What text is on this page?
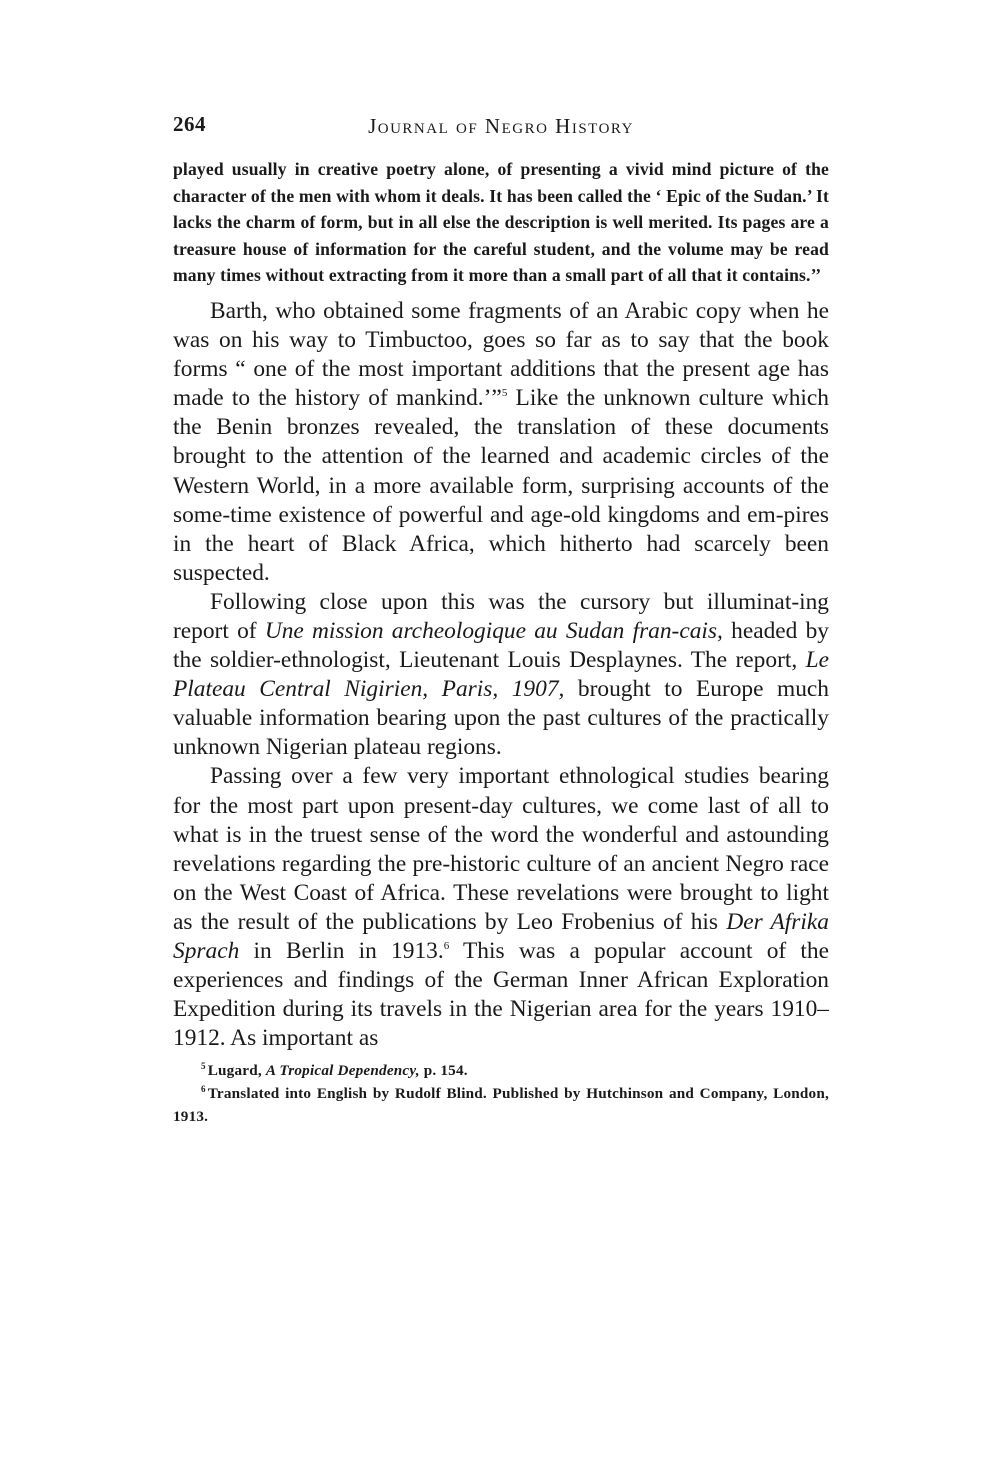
264	Journal of Negro History

played usually in creative poetry alone, of presenting a vivid mind picture of the character of the men with whom it deals. It has been called the ‘ Epic of the Sudan.’ It lacks the charm of form, but in all else the description is well merited. Its pages are a treasure house of information for the careful student, and the volume may be read many times without extracting from it more than a small part of all that it contains.’’

Barth, who obtained some fragments of an Arabic copy when he was on his way to Timbuctoo, goes so far as to say that the book forms “ one of the most important additions that the present age has made to the history of mankind.’”$^5$ Like the unknown culture which the Benin bronzes revealed, the translation of these documents brought to the attention of the learned and academic circles of the Western World, in a more available form, surprising accounts of the some-time existence of powerful and age-old kingdoms and em-pires in the heart of Black Africa, which hitherto had scarcely been suspected.

Following close upon this was the cursory but illuminat-ing report of Une mission archeologique au Sudan fran-cais, headed by the soldier-ethnologist, Lieutenant Louis Desplaynes. The report, Le Plateau Central Nigirien, Paris, 1907, brought to Europe much valuable information bearing upon the past cultures of the practically unknown Nigerian plateau regions.

Passing over a few very important ethnological studies bearing for the most part upon present-day cultures, we come last of all to what is in the truest sense of the word the wonderful and astounding revelations regarding the pre-historic culture of an ancient Negro race on the West Coast of Africa. These revelations were brought to light as the result of the publications by Leo Frobenius of his Der Afrika Sprach in Berlin in 1913.$^6$ This was a popular account of the experiences and findings of the German Inner African Exploration Expedition during its travels in the Nigerian area for the years 1910–1912. As important as

$^5$ Lugard, A Tropical Dependency, p. 154.

$^6$ Translated into English by Rudolf Blind. Published by Hutchinson and Company, London, 1913.
